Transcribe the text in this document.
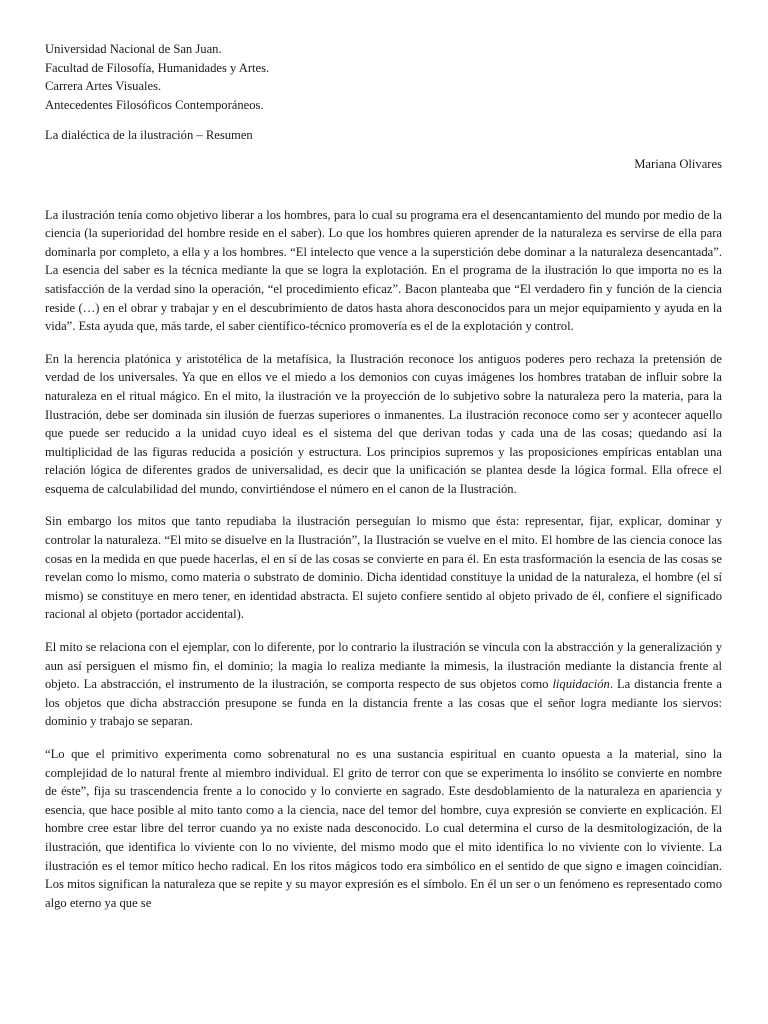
Universidad Nacional de San Juan.
Facultad de Filosofía, Humanidades y Artes.
Carrera Artes Visuales.
Antecedentes Filosóficos Contemporáneos.
La dialéctica de la ilustración – Resumen
Mariana Olivares

La ilustración tenía como objetivo liberar a los hombres, para lo cual su programa era el desencantamiento del mundo por medio de la ciencia (la superioridad del hombre reside en el saber). Lo que los hombres quieren aprender de la naturaleza es servirse de ella para dominarla por completo, a ella y a los hombres. “El intelecto que vence a la superstición debe dominar a la naturaleza desencantada”. La esencia del saber es la técnica mediante la que se logra la explotación. En el programa de la ilustración lo que importa no es la satisfacción de la verdad sino la operación, “el procedimiento eficaz”. Bacon planteaba que “El verdadero fin y función de la ciencia reside (…) en el obrar y trabajar y en el descubrimiento de datos hasta ahora desconocidos para un mejor equipamiento y ayuda en la vida”. Esta ayuda que, más tarde, el saber científico-técnico promovería es el de la explotación y control.

En la herencia platónica y aristotélica de la metafísica, la Ilustración reconoce los antiguos poderes pero rechaza la pretensión de verdad de los universales. Ya que en ellos ve el miedo a los demonios con cuyas imágenes los hombres trataban de influir sobre la naturaleza en el ritual mágico. En el mito, la ilustración ve la proyección de lo subjetivo sobre la naturaleza pero la materia, para la Ilustración, debe ser dominada sin ilusión de fuerzas superiores o inmanentes. La ilustración reconoce como ser y acontecer aquello que puede ser reducido a la unidad cuyo ideal es el sistema del que derivan todas y cada una de las cosas; quedando así la multiplicidad de las figuras reducida a posición y estructura. Los principios supremos y las proposiciones empíricas entablan una relación lógica de diferentes grados de universalidad, es decir que la unificación se plantea desde la lógica formal. Ella ofrece el esquema de calculabilidad del mundo, convirtiéndose el número en el canon de la Ilustración.

Sin embargo los mitos que tanto repudiaba la ilustración perseguían lo mismo que ésta: representar, fijar, explicar, dominar y controlar la naturaleza. “El mito se disuelve en la Ilustración”, la Ilustración se vuelve en el mito. El hombre de las ciencia conoce las cosas en la medida en que puede hacerlas, el en sí de las cosas se convierte en para él. En esta trasformación la esencia de las cosas se revelan como lo mismo, como materia o substrato de dominio. Dicha identidad constituye la unidad de la naturaleza, el hombre (el sí mismo) se constituye en mero tener, en identidad abstracta. El sujeto confiere sentido al objeto privado de él, confiere el significado racional al objeto (portador accidental).

El mito se relaciona con el ejemplar, con lo diferente, por lo contrario la ilustración se vincula con la abstracción y la generalización y aun así persiguen el mismo fin, el dominio; la magia lo realiza mediante la mimesis, la ilustración mediante la distancia frente al objeto. La abstracción, el instrumento de la ilustración, se comporta respecto de sus objetos como liquidación. La distancia frente a los objetos que dicha abstracción presupone se funda en la distancia frente a las cosas que el señor logra mediante los siervos: dominio y trabajo se separan.

“Lo que el primitivo experimenta como sobrenatural no es una sustancia espiritual en cuanto opuesta a la material, sino la complejidad de lo natural frente al miembro individual. El grito de terror con que se experimenta lo insólito se convierte en nombre de éste”, fija su trascendencia frente a lo conocido y lo convierte en sagrado. Este desdoblamiento de la naturaleza en apariencia y esencia, que hace posible al mito tanto como a la ciencia, nace del temor del hombre, cuya expresión se convierte en explicación. El hombre cree estar libre del terror cuando ya no existe nada desconocido. Lo cual determina el curso de la desmitologización, de la ilustración, que identifica lo viviente con lo no viviente, del mismo modo que el mito identifica lo no viviente con lo viviente. La ilustración es el temor mítico hecho radical. En los ritos mágicos todo era simbólico en el sentido de que signo e imagen coincidían. Los mitos significan la naturaleza que se repite y su mayor expresión es el símbolo. En él un ser o un fenómeno es representado como algo eterno ya que se
